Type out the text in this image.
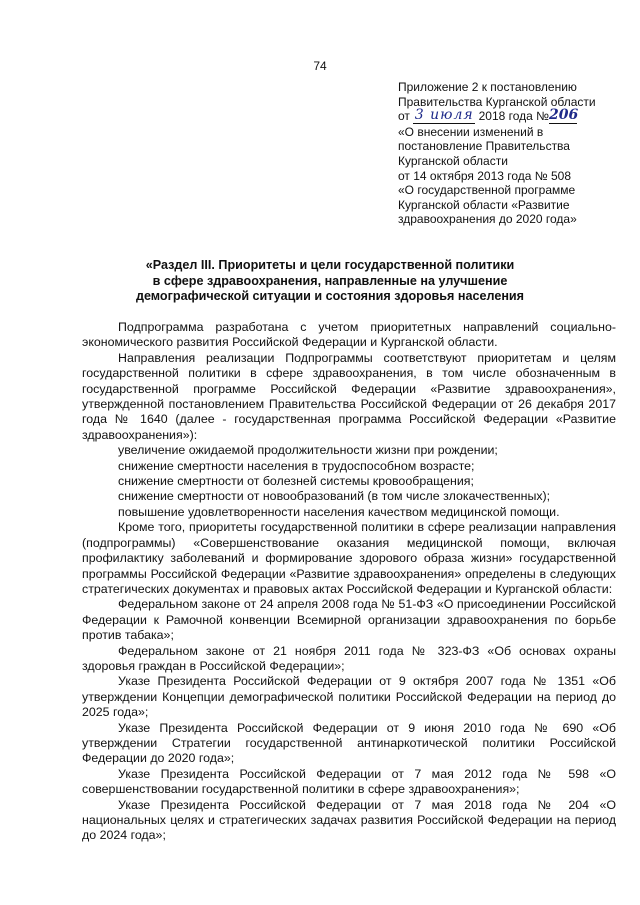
74
Приложение 2 к постановлению
Правительства Курганской области
от 3 июля 2018 года №206
«О внесении изменений в
постановление Правительства
Курганской области
от 14 октября 2013 года № 508
«О государственной программе
Курганской области «Развитие
здравоохранения до 2020 года»
«Раздел III. Приоритеты и цели государственной политики
в сфере здравоохранения, направленные на улучшение
демографической ситуации и состояния здоровья населения

Подпрограмма разработана с учетом приоритетных направлений социально-экономического развития Российской Федерации и Курганской области.

Направления реализации Подпрограммы соответствуют приоритетам и целям государственной политики в сфере здравоохранения, в том числе обозначенным в государственной программе Российской Федерации «Развитие здравоохранения», утвержденной постановлением Правительства Российской Федерации от 26 декабря 2017 года № 1640 (далее - государственная программа Российской Федерации «Развитие здравоохранения»):

увеличение ожидаемой продолжительности жизни при рождении;

снижение смертности населения в трудоспособном возрасте;

снижение смертности от болезней системы кровообращения;

снижение смертности от новообразований (в том числе злокачественных);

повышение удовлетворенности населения качеством медицинской помощи.

Кроме того, приоритеты государственной политики в сфере реализации направления (подпрограммы) «Совершенствование оказания медицинской помощи, включая профилактику заболеваний и формирование здорового образа жизни» государственной программы Российской Федерации «Развитие здравоохранения» определены в следующих стратегических документах и правовых актах Российской Федерации и Курганской области:

Федеральном законе от 24 апреля 2008 года № 51-ФЗ «О присоединении Российской Федерации к Рамочной конвенции Всемирной организации здравоохранения по борьбе против табака»;

Федеральном законе от 21 ноября 2011 года № 323-ФЗ «Об основах охраны здоровья граждан в Российской Федерации»;

Указе Президента Российской Федерации от 9 октября 2007 года № 1351 «Об утверждении Концепции демографической политики Российской Федерации на период до 2025 года»;

Указе Президента Российской Федерации от 9 июня 2010 года № 690 «Об утверждении Стратегии государственной антинаркотической политики Российской Федерации до 2020 года»;

Указе Президента Российской Федерации от 7 мая 2012 года № 598 «О совершенствовании государственной политики в сфере здравоохранения»;

Указе Президента Российской Федерации от 7 мая 2018 года № 204 «О национальных целях и стратегических задачах развития Российской Федерации на период до 2024 года»;
